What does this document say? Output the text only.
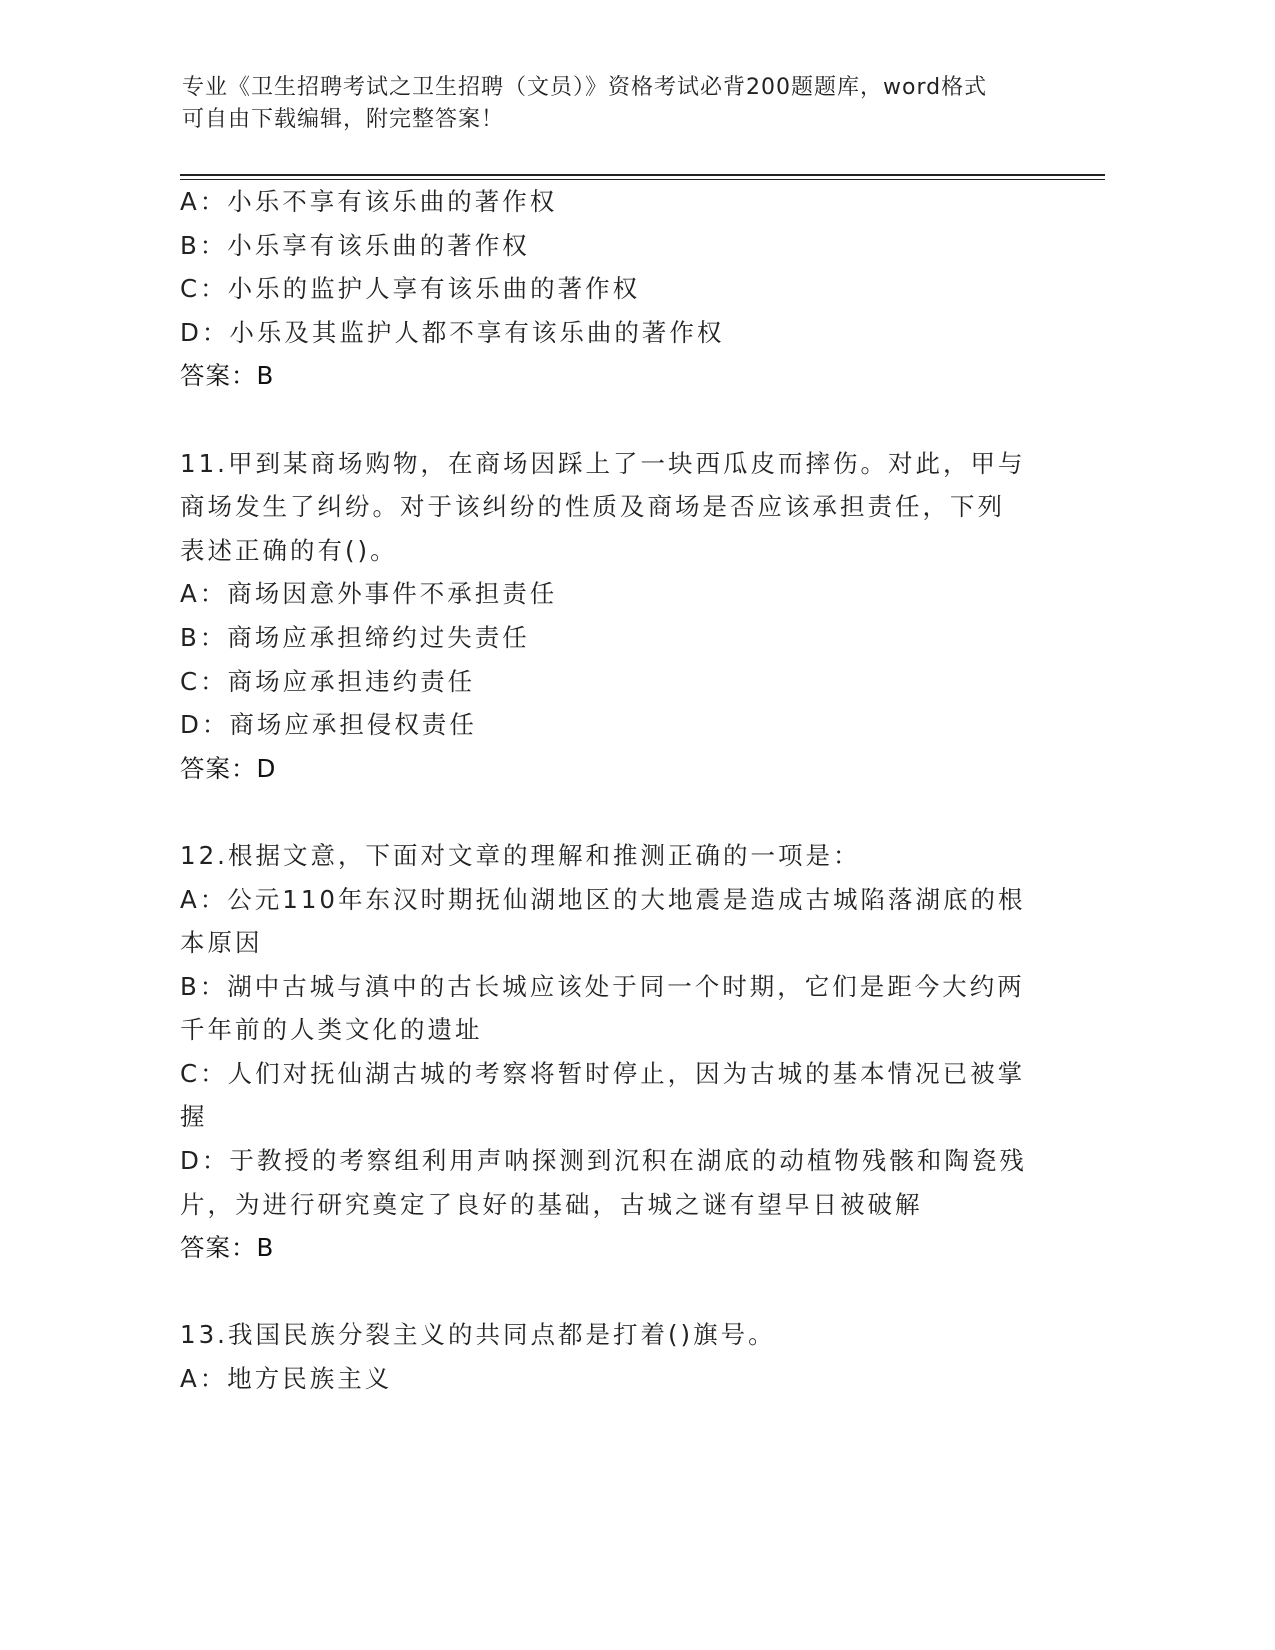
专业《卫生招聘考试之卫生招聘（文员）》资格考试必背200题题库，word格式
可自由下载编辑，附完整答案！
A：小乐不享有该乐曲的著作权
B：小乐享有该乐曲的著作权
C：小乐的监护人享有该乐曲的著作权
D：小乐及其监护人都不享有该乐曲的著作权
答案：B
11.甲到某商场购物，在商场因踩上了一块西瓜皮而摔伤。对此，甲与
商场发生了纠纷。对于该纠纷的性质及商场是否应该承担责任，下列
表述正确的有()。
A：商场因意外事件不承担责任
B：商场应承担缔约过失责任
C：商场应承担违约责任
D：商场应承担侵权责任
答案：D
12.根据文意，下面对文章的理解和推测正确的一项是：
A：公元110年东汉时期抚仙湖地区的大地震是造成古城陷落湖底的根
本原因
B：湖中古城与滇中的古长城应该处于同一个时期，它们是距今大约两
千年前的人类文化的遗址
C：人们对抚仙湖古城的考察将暂时停止，因为古城的基本情况已被掌
握
D：于教授的考察组利用声呐探测到沉积在湖底的动植物残骸和陶瓷残
片，为进行研究奠定了良好的基础，古城之谜有望早日被破解
答案：B
13.我国民族分裂主义的共同点都是打着()旗号。
A：地方民族主义
